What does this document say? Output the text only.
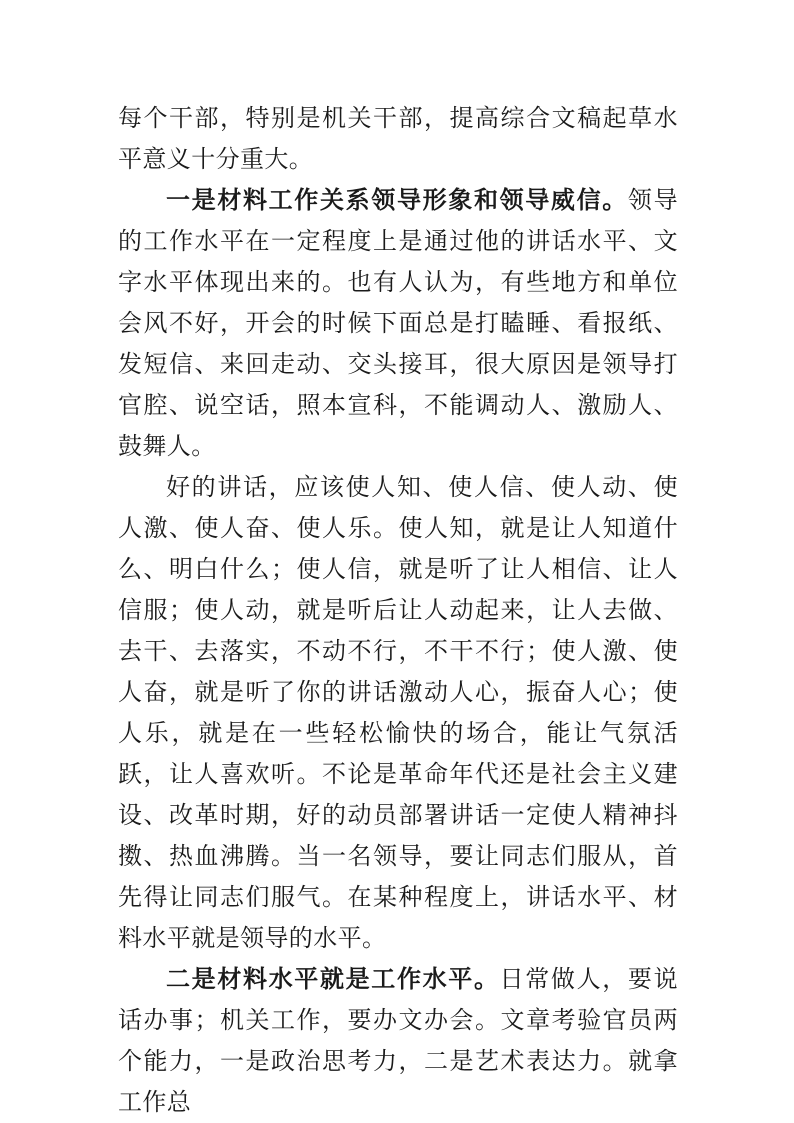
每个干部，特别是机关干部，提高综合文稿起草水平意义十分重大。

一是材料工作关系领导形象和领导威信。领导的工作水平在一定程度上是通过他的讲话水平、文字水平体现出来的。也有人认为，有些地方和单位会风不好，开会的时候下面总是打瞌睡、看报纸、发短信、来回走动、交头接耳，很大原因是领导打官腔、说空话，照本宣科，不能调动人、激励人、鼓舞人。

好的讲话，应该使人知、使人信、使人动、使人激、使人奋、使人乐。使人知，就是让人知道什么、明白什么；使人信，就是听了让人相信、让人信服；使人动，就是听后让人动起来，让人去做、去干、去落实，不动不行，不干不行；使人激、使人奋，就是听了你的讲话激动人心，振奋人心；使人乐，就是在一些轻松愉快的场合，能让气氛活跃，让人喜欢听。不论是革命年代还是社会主义建设、改革时期，好的动员部署讲话一定使人精神抖擞、热血沸腾。当一名领导，要让同志们服从，首先得让同志们服气。在某种程度上，讲话水平、材料水平就是领导的水平。

二是材料水平就是工作水平。日常做人，要说话办事；机关工作，要办文办会。文章考验官员两个能力，一是政治思考力，二是艺术表达力。就拿工作总
